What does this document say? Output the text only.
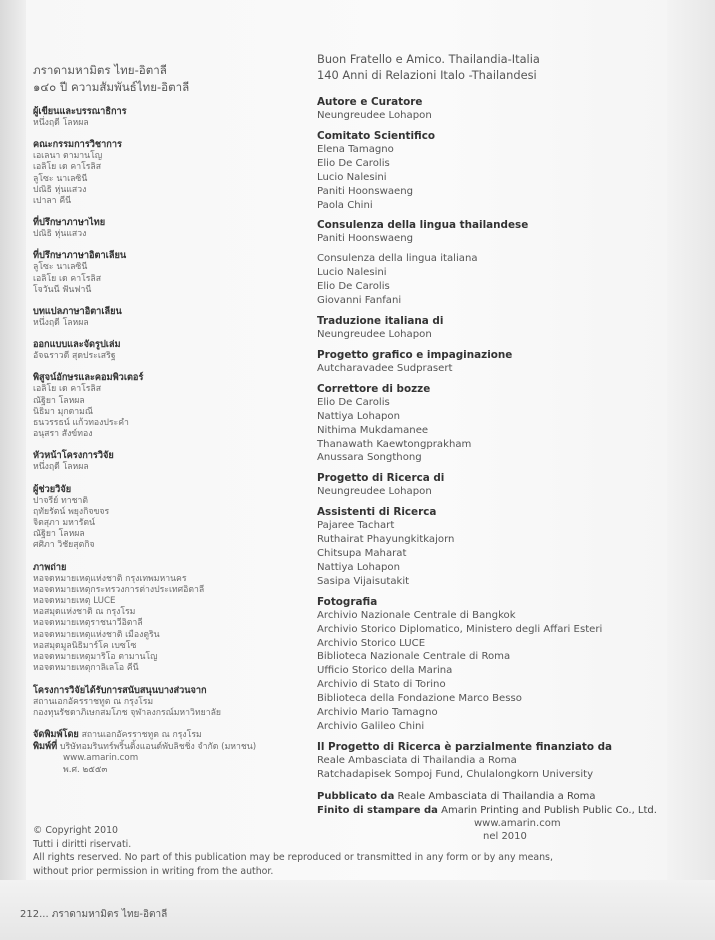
ภราดามหามิตร ไทย-อิตาลี
๑๔๐ ปี ความสัมพันธ์ไทย-อิตาลี
ผู้เขียนและบรรณาธิการ
หนึ่งฤดี โลหผล
คณะกรรมการวิชาการ
เอเลนา ตามานโญ
เอลิโย เด คาโรลิส
ลูโซะ นาเลซินี
ปณิธิ หุ่นแสวง
เปาลา คีนี
ที่ปรึกษาภาษาไทย
ปณิธิ หุ่นแสวง
ที่ปรึกษาภาษาอิตาเลียน
ลูโซะ นาเลซินี
เอลิโย เด คาโรลิส
โจวันนี ฟันฟานี
บทแปลภาษาอิตาเลียน
หนึ่งฤดี โลหผล
ออกแบบและจัดรูปเล่ม
อัจฉราวดี สุดประเสริฐ
พิสูจน์อักษรและคอมพิวเตอร์
เอลิโย เด คาโรลิส
ณัฐิยา โลหผล
นิธิมา มุกดามณี
ธนวรรธน์ แก้วทองประคำ
อนุสรา สังข์ทอง
หัวหน้าโครงการวิจัย
หนึ่งฤดี โลหผล
ผู้ช่วยวิจัย
ปาจรีย์ ทาชาติ
ฤทัยรัตน์ พยุงกิจขจร
จิตสุภา มหารัตน์
ณัฐิยา โลหผล
ศศิภา วิชัยสุตกิจ
ภาพถ่าย
หอจดหมายเหตุแห่งชาติ กรุงเทพมหานคร
หอจดหมายเหตุกระทรวงการต่างประเทศอิตาลี
หอจดหมายเหตุ LUCE
หอสมุดแห่งชาติ ณ กรุงโรม
หอจดหมายเหตุราชนาวีอิตาลี
หอจดหมายเหตุแห่งชาติ เมืองตูริน
หอสมุดมูลนิธิมาร์โค เบซโซ
หอจดหมายเหตุมาริโอ ตามานโญ
หอจดหมายเหตุกาลิเลโอ คีนี
โครงการวิจัยได้รับการสนับสนุนบางส่วนจาก
สถานเอกอัครราชทูต ณ กรุงโรม
กองทุนรัชดาภิเษกสมโภช จุฬาลงกรณ์มหาวิทยาลัย
จัดพิมพ์โดย สถานเอกอัครราชทูต ณ กรุงโรม
พิมพ์ที่ บริษัทอมรินทร์พริ้นติ้งแอนด์พับลิชชิ่ง จำกัด (มหาชน)
www.amarin.com
พ.ศ. ๒๕๕๓
Buon Fratello e Amico. Thailandia-Italia
140 Anni di Relazioni Italo -Thailandesi
Autore e Curatore
Neungreudee Lohapon
Comitato Scientifico
Elena Tamagno
Elio De Carolis
Lucio Nalesini
Paniti Hoonswaeng
Paola Chini
Consulenza della lingua thailandese
Paniti Hoonswaeng
Consulenza della lingua italiana
Lucio Nalesini
Elio De Carolis
Giovanni Fanfani
Traduzione italiana di
Neungreudee Lohapon
Progetto grafico e impaginazione
Autcharavadee Sudprasert
Correttore di bozze
Elio De Carolis
Nattiya Lohapon
Nithima Mukdamanee
Thanawath Kaewtongprakham
Anussara Songthong
Progetto di Ricerca di
Neungreudee Lohapon
Assistenti di Ricerca
Pajaree Tachart
Ruthairat Phayungkitkajorn
Chitsupa Maharat
Nattiya Lohapon
Sasipa Vijaisutakit
Fotografia
Archivio Nazionale Centrale di Bangkok
Archivio Storico Diplomatico, Ministero degli Affari Esteri
Archivio Storico LUCE
Biblioteca Nazionale Centrale di Roma
Ufficio Storico della Marina
Archivio di Stato di Torino
Biblioteca della Fondazione Marco Besso
Archivio Mario Tamagno
Archivio Galileo Chini
Il Progetto di Ricerca è parzialmente finanziato da
Reale Ambasciata di Thailandia a Roma
Ratchadapisek Sompoj Fund, Chulalongkorn University
Pubblicato da Reale Ambasciata di Thailandia a Roma
Finito di stampare da Amarin Printing and Publish Public Co., Ltd.
www.amarin.com
nel 2010
© Copyright 2010
Tutti i diritti riservati.
All rights reserved. No part of this publication may be reproduced or transmitted in any form or by any means,
without prior permission in writing from the author.
212... ภราดามหามิตร ไทย-อิตาลี
